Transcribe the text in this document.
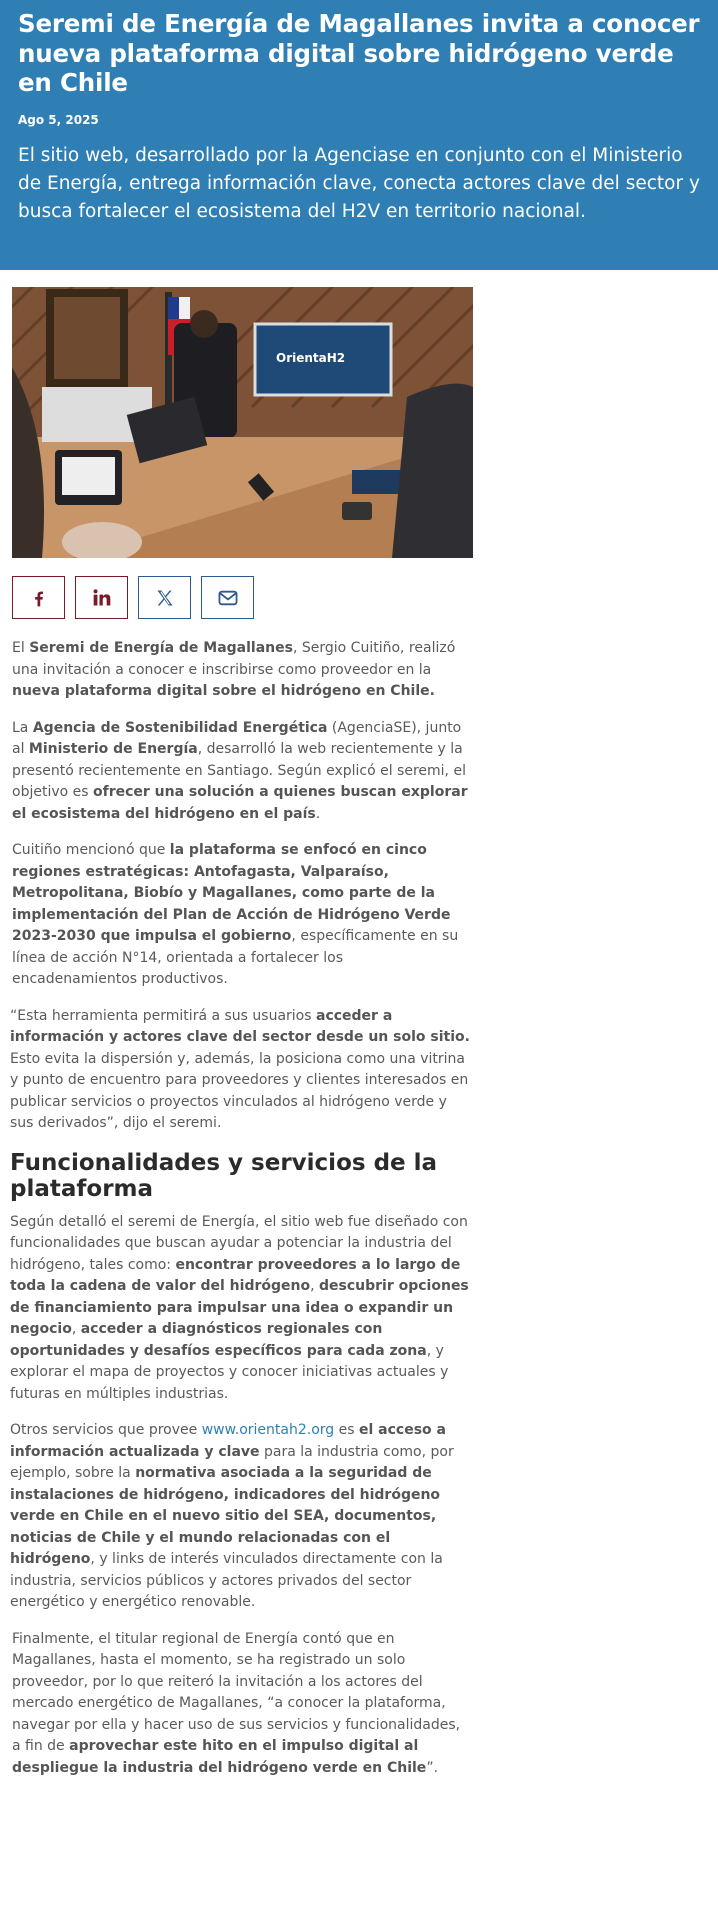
Seremi de Energía de Magallanes invita a conocer nueva plataforma digital sobre hidrógeno verde en Chile
Ago 5, 2025
El sitio web, desarrollado por la Agenciase en conjunto con el Ministerio de Energía, entrega información clave, conecta actores clave del sector y busca fortalecer el ecosistema del H2V en territorio nacional.
OrientaH2

El Seremi de Energía de Magallanes, Sergio Cuitiño, realizó una invitación a conocer e inscribirse como proveedor en la nueva plataforma digital sobre el hidrógeno en Chile.

La Agencia de Sostenibilidad Energética (AgenciaSE), junto al Ministerio de Energía, desarrolló la web recientemente y la presentó recientemente en Santiago. Según explicó el seremi, el objetivo es ofrecer una solución a quienes buscan explorar el ecosistema del hidrógeno en el país.

Cuitiño mencionó que la plataforma se enfocó en cinco regiones estratégicas: Antofagasta, Valparaíso, Metropolitana, Biobío y Magallanes, como parte de la implementación del Plan de Acción de Hidrógeno Verde 2023-2030 que impulsa el gobierno, específicamente en su línea de acción N°14, orientada a fortalecer los encadenamientos productivos.

“Esta herramienta permitirá a sus usuarios acceder a información y actores clave del sector desde un solo sitio. Esto evita la dispersión y, además, la posiciona como una vitrina y punto de encuentro para proveedores y clientes interesados en publicar servicios o proyectos vinculados al hidrógeno verde y sus derivados”, dijo el seremi.

Funcionalidades y servicios de la plataforma

Según detalló el seremi de Energía, el sitio web fue diseñado con funcionalidades que buscan ayudar a potenciar la industria del hidrógeno, tales como: encontrar proveedores a lo largo de toda la cadena de valor del hidrógeno, descubrir opciones de financiamiento para impulsar una idea o expandir un negocio, acceder a diagnósticos regionales con oportunidades y desafíos específicos para cada zona, y explorar el mapa de proyectos y conocer iniciativas actuales y futuras en múltiples industrias.

Otros servicios que provee www.orientah2.org es el acceso a información actualizada y clave para la industria como, por ejemplo, sobre la normativa asociada a la seguridad de instalaciones de hidrógeno, indicadores del hidrógeno verde en Chile en el nuevo sitio del SEA, documentos, noticias de Chile y el mundo relacionadas con el hidrógeno, y links de interés vinculados directamente con la industria, servicios públicos y actores privados del sector energético y energético renovable.

Finalmente, el titular regional de Energía contó que en Magallanes, hasta el momento, se ha registrado un solo proveedor, por lo que reiteró la invitación a los actores del mercado energético de Magallanes, “a conocer la plataforma, navegar por ella y hacer uso de sus servicios y funcionalidades, a fin de aprovechar este hito en el impulso digital al despliegue la industria del hidrógeno verde en Chile”.
